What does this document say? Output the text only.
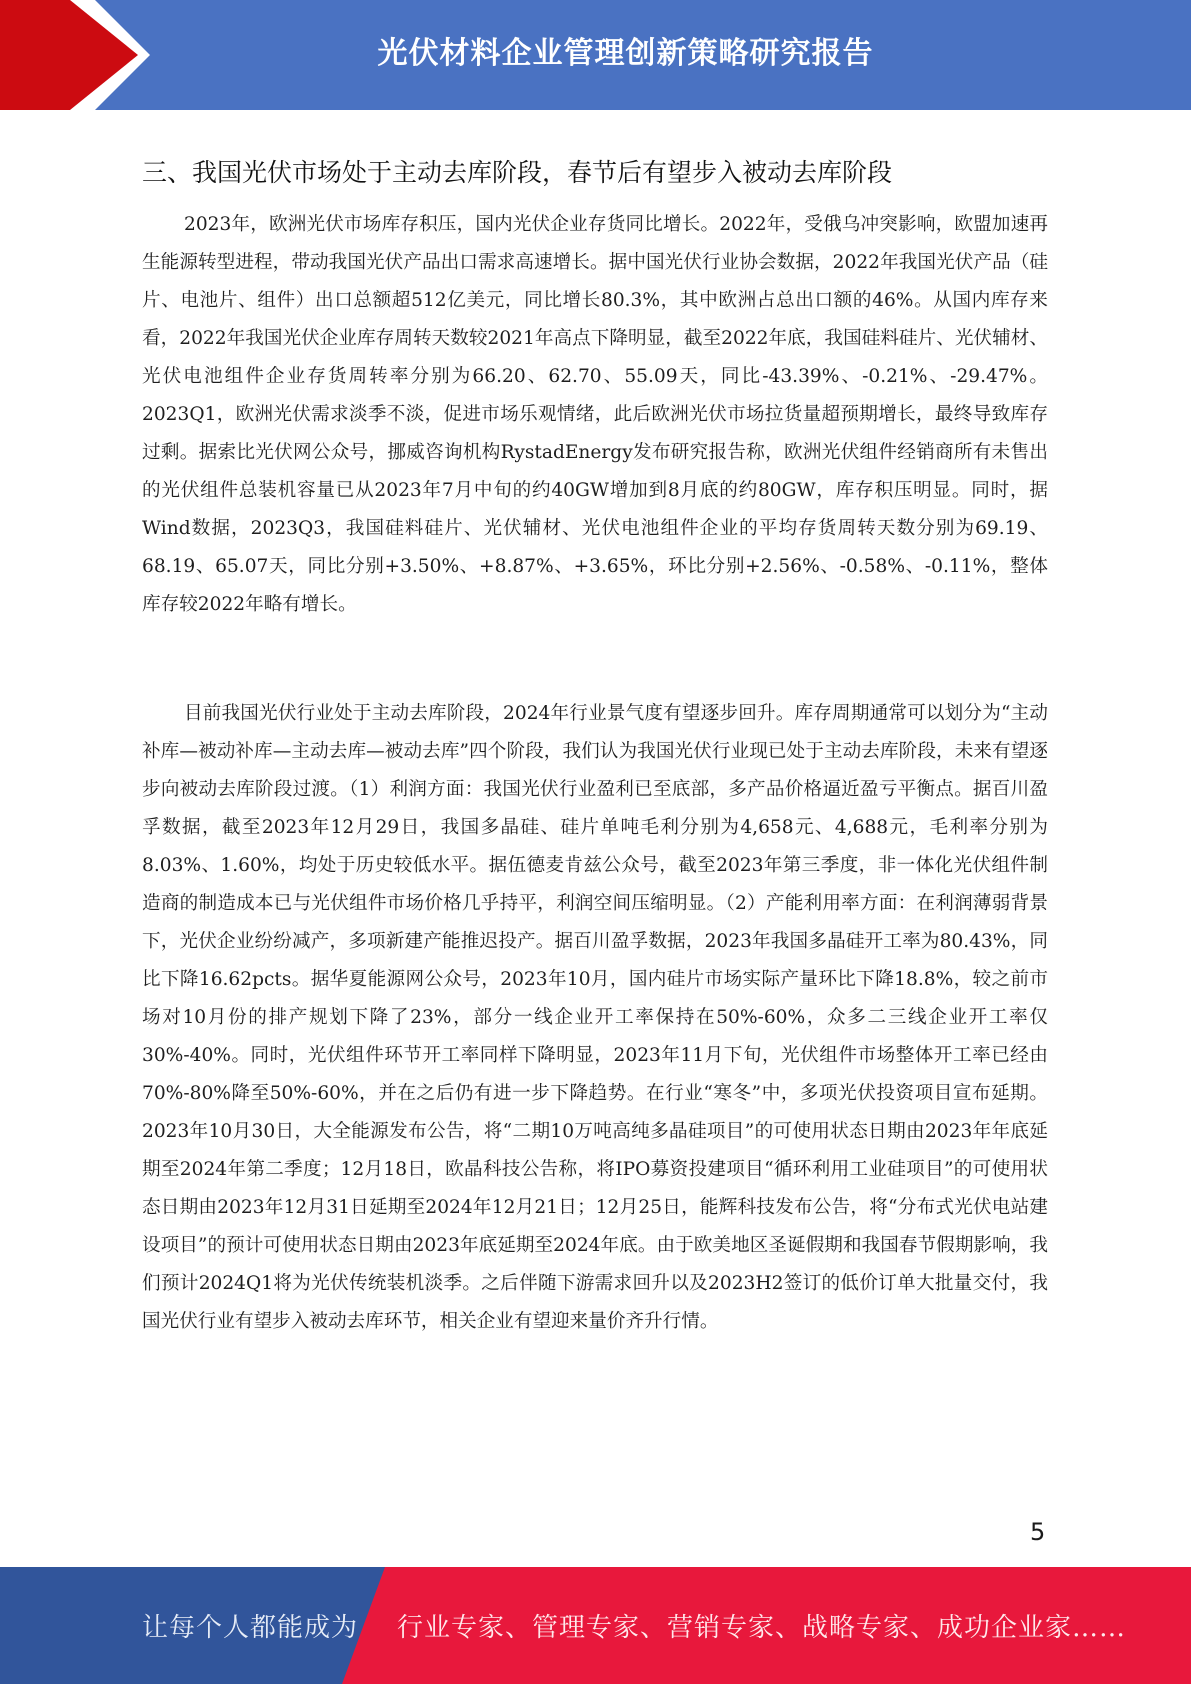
光伏材料企业管理创新策略研究报告
三、我国光伏市场处于主动去库阶段，春节后有望步入被动去库阶段

2023年，欧洲光伏市场库存积压，国内光伏企业存货同比增长。2022年，受俄乌冲突影响，欧盟加速再生能源转型进程，带动我国光伏产品出口需求高速增长。据中国光伏行业协会数据，2022年我国光伏产品（硅片、电池片、组件）出口总额超512亿美元，同比增长80.3%，其中欧洲占总出口额的46%。从国内库存来看，2022年我国光伏企业库存周转天数较2021年高点下降明显，截至2022年底，我国硅料硅片、光伏辅材、光伏电池组件企业存货周转率分别为66.20、62.70、55.09天，同比-43.39%、-0.21%、-29.47%。2023Q1，欧洲光伏需求淡季不淡，促进市场乐观情绪，此后欧洲光伏市场拉货量超预期增长，最终导致库存过剩。据索比光伏网公众号，挪威咨询机构RystadEnergy发布研究报告称，欧洲光伏组件经销商所有未售出的光伏组件总装机容量已从2023年7月中旬的约40GW增加到8月底的约80GW，库存积压明显。同时，据Wind数据，2023Q3，我国硅料硅片、光伏辅材、光伏电池组件企业的平均存货周转天数分别为69.19、68.19、65.07天，同比分别+3.50%、+8.87%、+3.65%，环比分别+2.56%、-0.58%、-0.11%，整体库存较2022年略有增长。

目前我国光伏行业处于主动去库阶段，2024年行业景气度有望逐步回升。库存周期通常可以划分为“主动补库—被动补库—主动去库—被动去库”四个阶段，我们认为我国光伏行业现已处于主动去库阶段，未来有望逐步向被动去库阶段过渡。（1）利润方面：我国光伏行业盈利已至底部，多产品价格逼近盈亏平衡点。据百川盈孚数据，截至2023年12月29日，我国多晶硅、硅片单吨毛利分别为4,658元、4,688元，毛利率分别为8.03%、1.60%，均处于历史较低水平。据伍德麦肯兹公众号，截至2023年第三季度，非一体化光伏组件制造商的制造成本已与光伏组件市场价格几乎持平，利润空间压缩明显。（2）产能利用率方面：在利润薄弱背景下，光伏企业纷纷减产，多项新建产能推迟投产。据百川盈孚数据，2023年我国多晶硅开工率为80.43%，同比下降16.62pcts。据华夏能源网公众号，2023年10月，国内硅片市场实际产量环比下降18.8%，较之前市场对10月份的排产规划下降了23%，部分一线企业开工率保持在50%-60%，众多二三线企业开工率仅30%-40%。同时，光伏组件环节开工率同样下降明显，2023年11月下旬，光伏组件市场整体开工率已经由70%-80%降至50%-60%，并在之后仍有进一步下降趋势。在行业“寒冬”中，多项光伏投资项目宣布延期。2023年10月30日，大全能源发布公告，将“二期10万吨高纯多晶硅项目”的可使用状态日期由2023年年底延期至2024年第二季度；12月18日，欧晶科技公告称，将IPO募资投建项目“循环利用工业硅项目”的可使用状态日期由2023年12月31日延期至2024年12月21日；12月25日，能辉科技发布公告，将“分布式光伏电站建设项目”的预计可使用状态日期由2023年底延期至2024年底。由于欧美地区圣诞假期和我国春节假期影响，我们预计2024Q1将为光伏传统装机淡季。之后伴随下游需求回升以及2023H2签订的低价订单大批量交付，我国光伏行业有望步入被动去库环节，相关企业有望迎来量价齐升行情。

5
让每个人都能成为 行业专家、管理专家、营销专家、战略专家、成功企业家……
